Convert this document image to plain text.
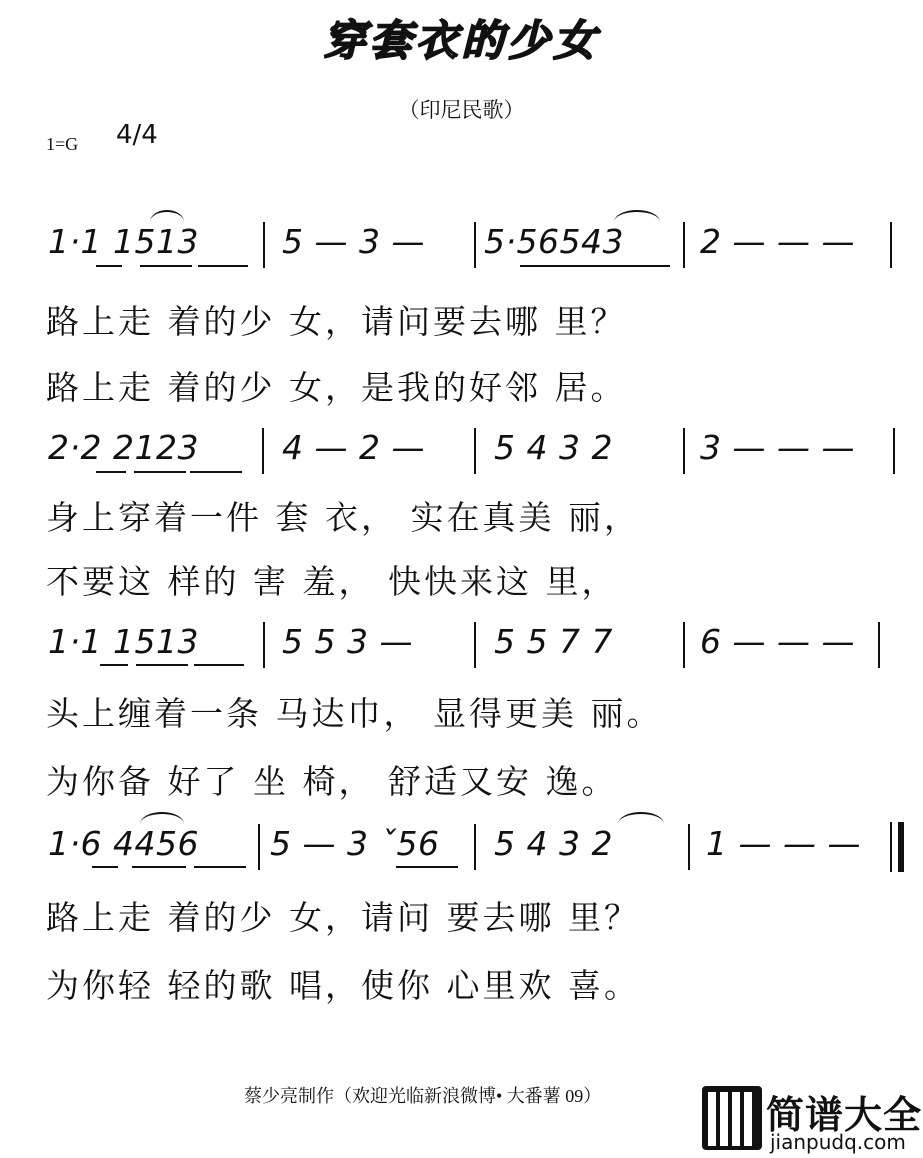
穿套衣的少女
（印尼民歌）
1=G 4/4
1·1 1513	5 — 3 — 5·56543 2 — — —
路上走 着的少 女，请问要去哪 里？
路上走 着的少 女，是我的好邻 居。
2·2 2123	4 — 2 — 5 4 3 2	3 — — —
身上穿着一件 套 衣， 实在真美 丽，
不要这 样的 害 羞， 快快来这 里，
1·1 1513	5 5 3 — 5 5 7 7	6 — — —
头上缠着一条 马达巾， 显得更美 丽。
为你备 好了 坐 椅， 舒适又安 逸。
1·6 4456 5 — 3 ˇ56 5 4 3 2	1 — — —
路上走 着的少 女，请问 要去哪 里？
为你轻 轻的歌 唱，使你 心里欢 喜。
蔡少亮制作（欢迎光临新浪微博• 大番薯 09）	简谱大全
jianpudq.com
